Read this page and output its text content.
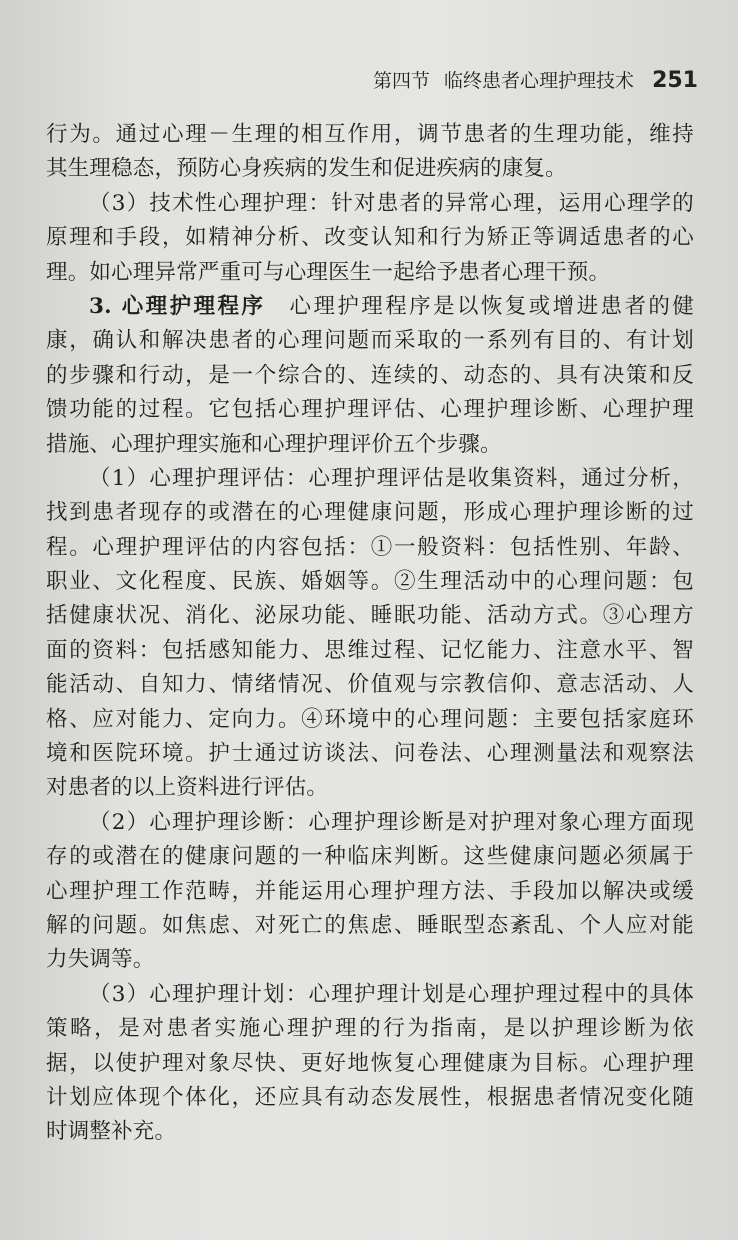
第四节 临终患者心理护理技术 251
行为。通过心理－生理的相互作用，调节患者的生理功能，维持
其生理稳态，预防心身疾病的发生和促进疾病的康复。
（3）技术性心理护理：针对患者的异常心理，运用心理学的
原理和手段，如精神分析、改变认知和行为矫正等调适患者的心
理。如心理异常严重可与心理医生一起给予患者心理干预。
3. 心理护理程序 心理护理程序是以恢复或增进患者的健
康，确认和解决患者的心理问题而采取的一系列有目的、有计划
的步骤和行动，是一个综合的、连续的、动态的、具有决策和反
馈功能的过程。它包括心理护理评估、心理护理诊断、心理护理
措施、心理护理实施和心理护理评价五个步骤。
（1）心理护理评估：心理护理评估是收集资料，通过分析，
找到患者现存的或潜在的心理健康问题，形成心理护理诊断的过
程。心理护理评估的内容包括：①一般资料：包括性别、年龄、
职业、文化程度、民族、婚姻等。②生理活动中的心理问题：包
括健康状况、消化、泌尿功能、睡眠功能、活动方式。③心理方
面的资料：包括感知能力、思维过程、记忆能力、注意水平、智
能活动、自知力、情绪情况、价值观与宗教信仰、意志活动、人
格、应对能力、定向力。④环境中的心理问题：主要包括家庭环
境和医院环境。护士通过访谈法、问卷法、心理测量法和观察法
对患者的以上资料进行评估。
（2）心理护理诊断：心理护理诊断是对护理对象心理方面现
存的或潜在的健康问题的一种临床判断。这些健康问题必须属于
心理护理工作范畴，并能运用心理护理方法、手段加以解决或缓
解的问题。如焦虑、对死亡的焦虑、睡眠型态紊乱、个人应对能
力失调等。
（3）心理护理计划：心理护理计划是心理护理过程中的具体
策略，是对患者实施心理护理的行为指南，是以护理诊断为依
据，以使护理对象尽快、更好地恢复心理健康为目标。心理护理
计划应体现个体化，还应具有动态发展性，根据患者情况变化随
时调整补充。
